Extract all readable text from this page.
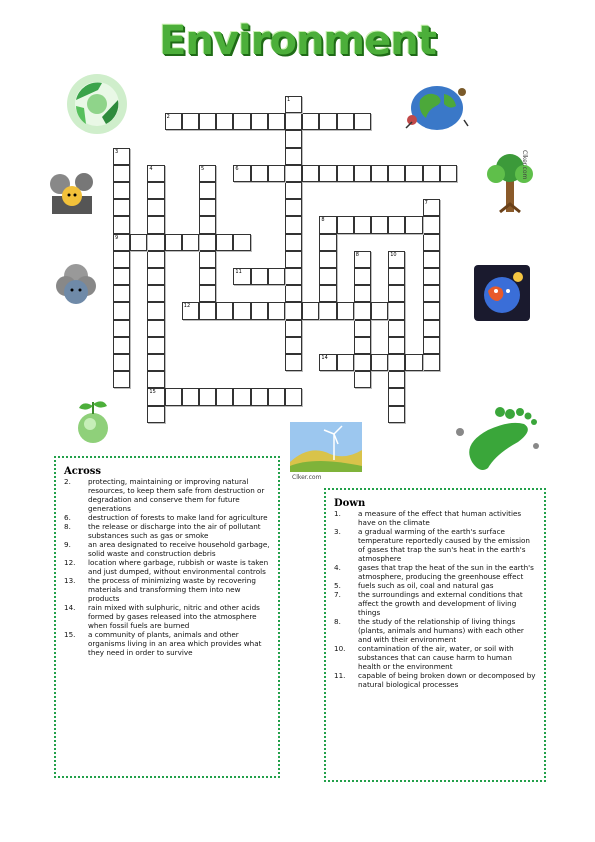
Environment
1
2
3
4	5	6
7
8
9
8	10
11
12
14
15
Clker.com
Clker.com
Across
2.	protecting, maintaining or improving natural resources, to keep them safe from destruction or degradation and conserve them for future generations
6.	destruction of forests to make land for agriculture
8.	the release or discharge into the air of pollutant substances such as gas or smoke
9.	an area designated to receive household garbage, solid waste and construction debris
12.	location where garbage, rubbish or waste is taken and just dumped, without environmental controls
13.	the process of minimizing waste by recovering materials and transforming them into new products
14.	rain mixed with sulphuric, nitric and other acids formed by gases released into the atmosphere when fossil fuels are burned
15.	a community of plants, animals and other organisms living in an area which provides what they need in order to survive
Down
1.	a measure of the effect that human activities have on the climate
3.	a gradual warming of the earth's surface temperature reportedly caused by the emission of gases that trap the sun's heat in the earth's atmosphere
4.	gases that trap the heat of the sun in the earth's atmosphere, producing the greenhouse effect
5.	fuels such as oil, coal and natural gas
7.	the surroundings and external conditions that affect the growth and development of living things
8.	the study of the relationship of living things (plants, animals and humans) with each other and with their environment
10.	contamination of the air, water, or soil with substances that can cause harm to human health or the environment
11.	capable of being broken down or decomposed by natural biological processes
